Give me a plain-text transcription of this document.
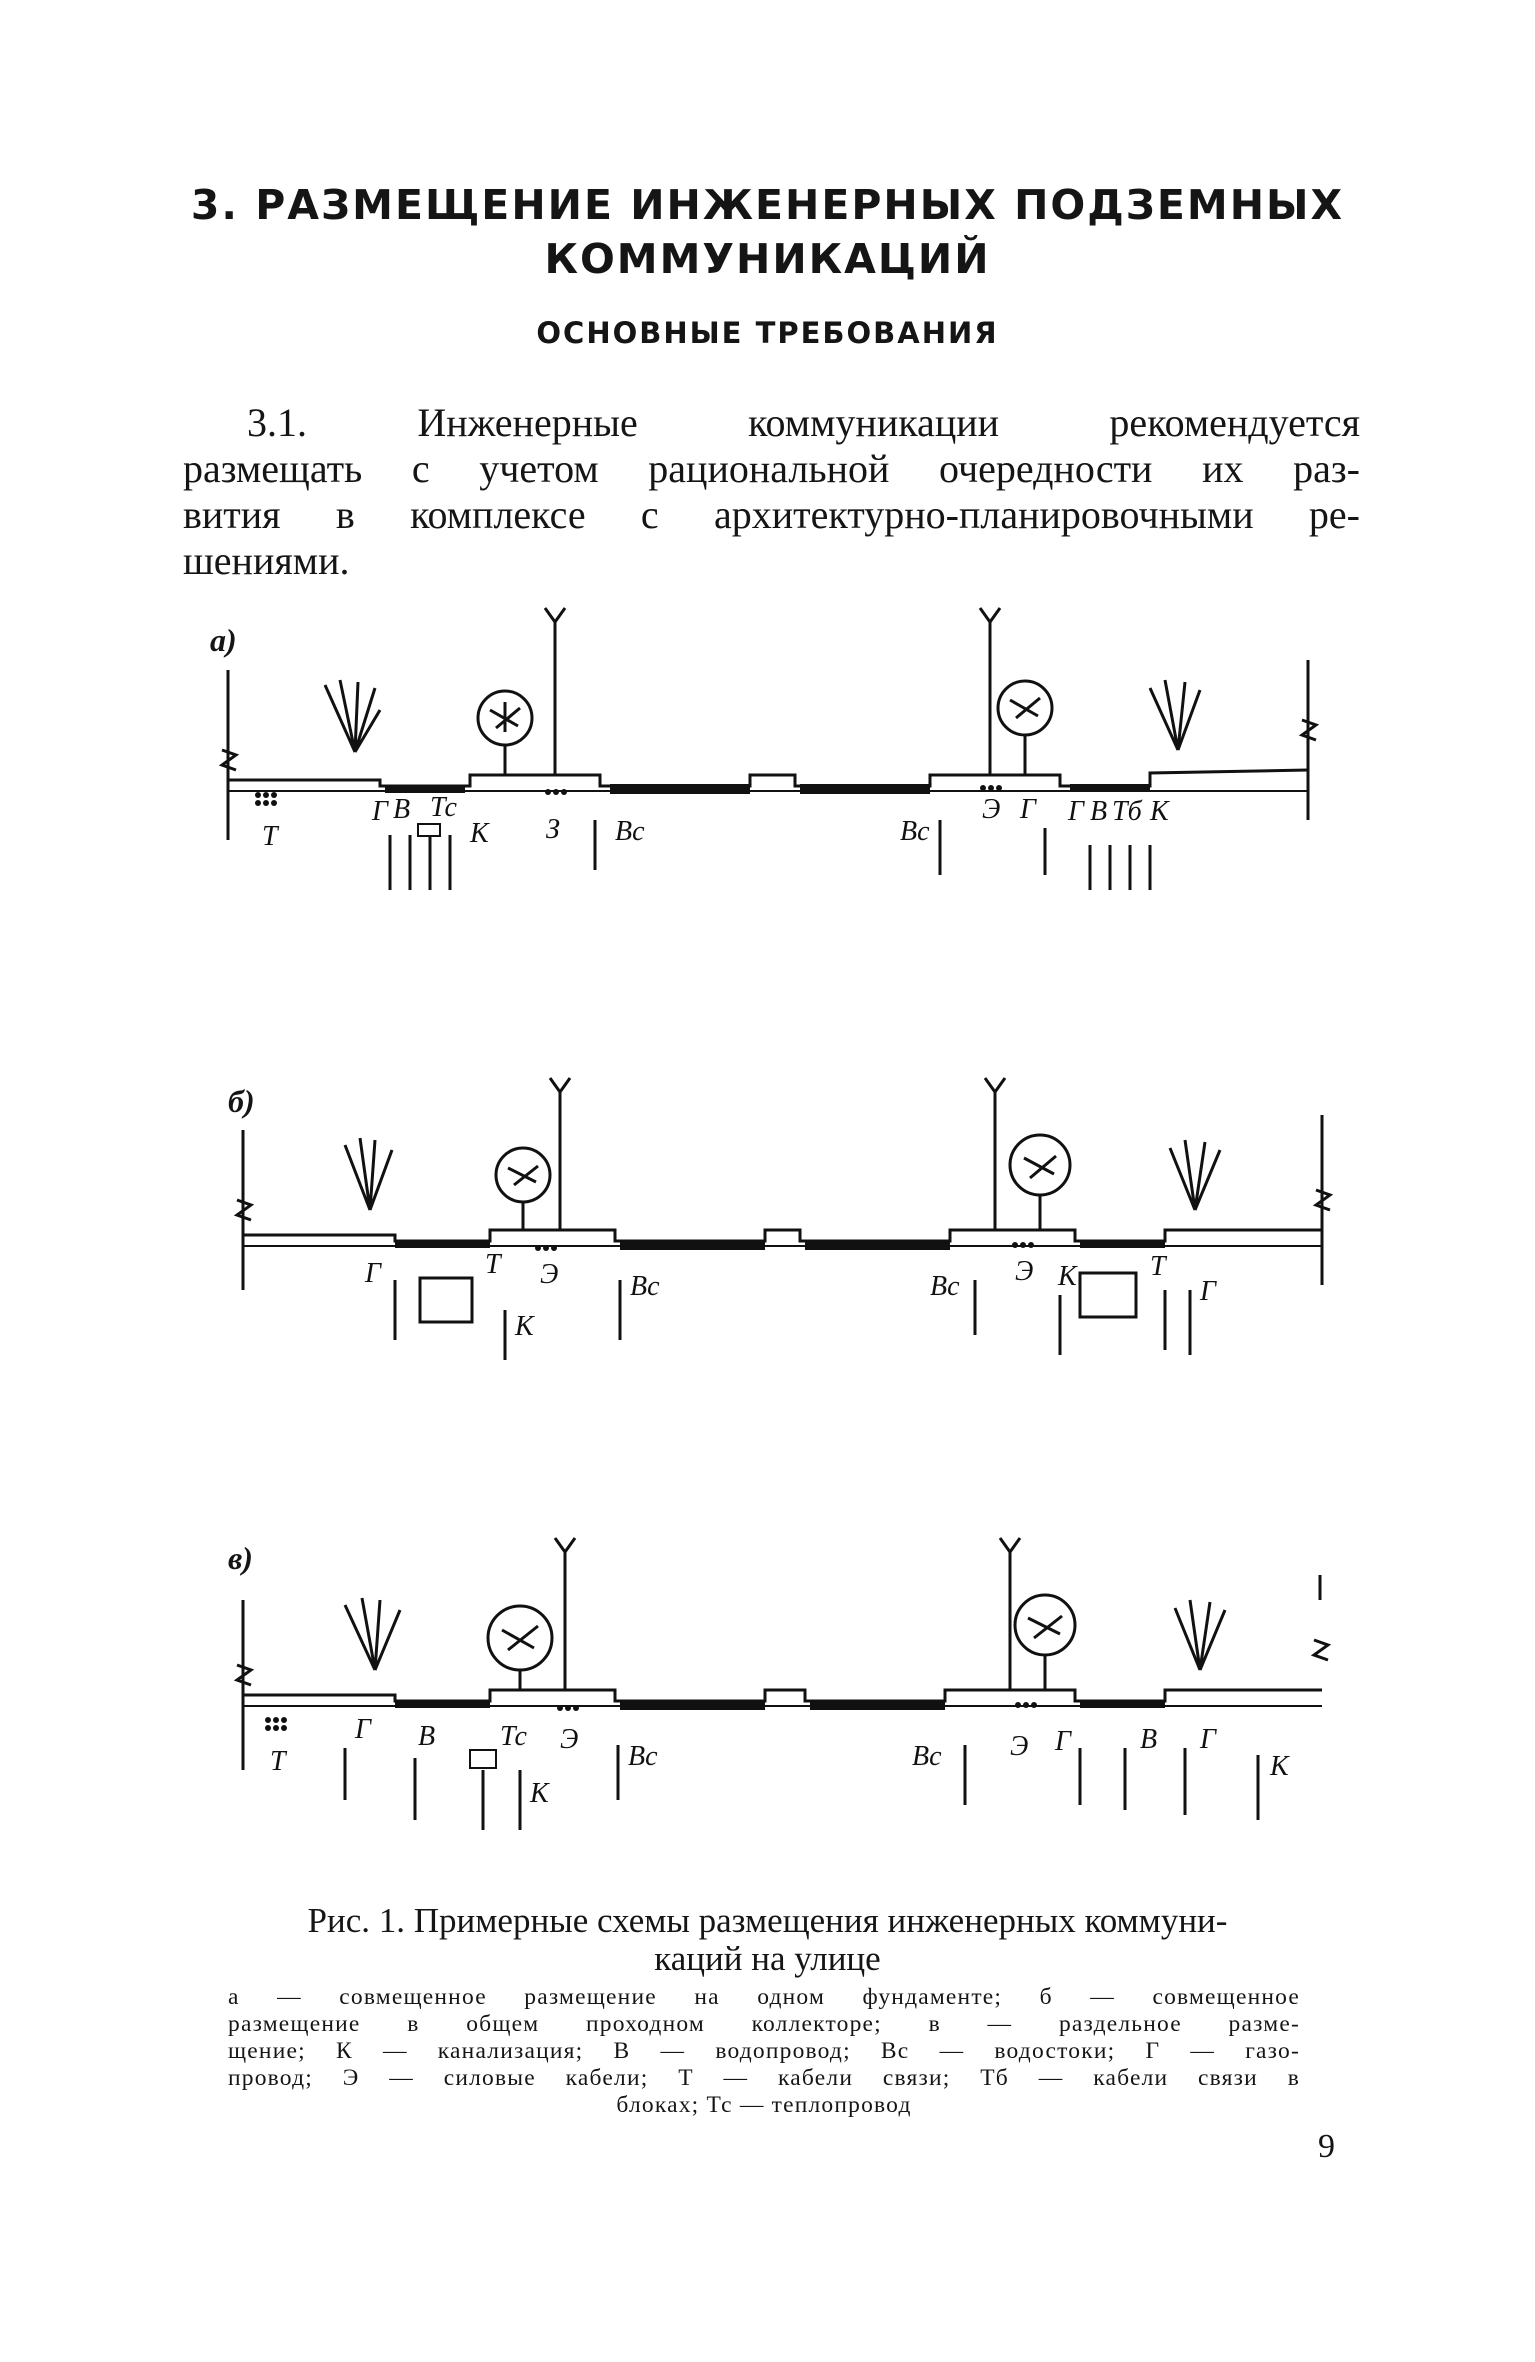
3. РАЗМЕЩЕНИЕ ИНЖЕНЕРНЫХ ПОДЗЕМНЫХ
КОММУНИКАЦИЙ
ОСНОВНЫЕ ТРЕБОВАНИЯ
3.1. Инженерные коммуникации рекомендуется
размещать с учетом рациональной очередности их раз-
вития в комплексе с архитектурно-планировочными ре-
шениями.
а)
б)
в)
Т
Г В Тс
К З Вс	Вс
Э Г Г В Тб К
Г	Т Э
К
Вс	Вс Э К	Т
Г
Т
Г В Тс Э
К
Вс	Вс Э Г В Г
К
Рис. 1. Примерные схемы размещения инженерных коммуни-
каций на улице
а — совмещенное размещение на одном фундаменте; б — совмещенное
размещение в общем проходном коллекторе; в — раздельное разме-
щение; К — канализация; В — водопровод; Вс — водостоки; Г — газо-
провод; Э — силовые кабели; Т — кабели связи; Тб — кабели связи в
блоках; Тс — теплопровод
9
